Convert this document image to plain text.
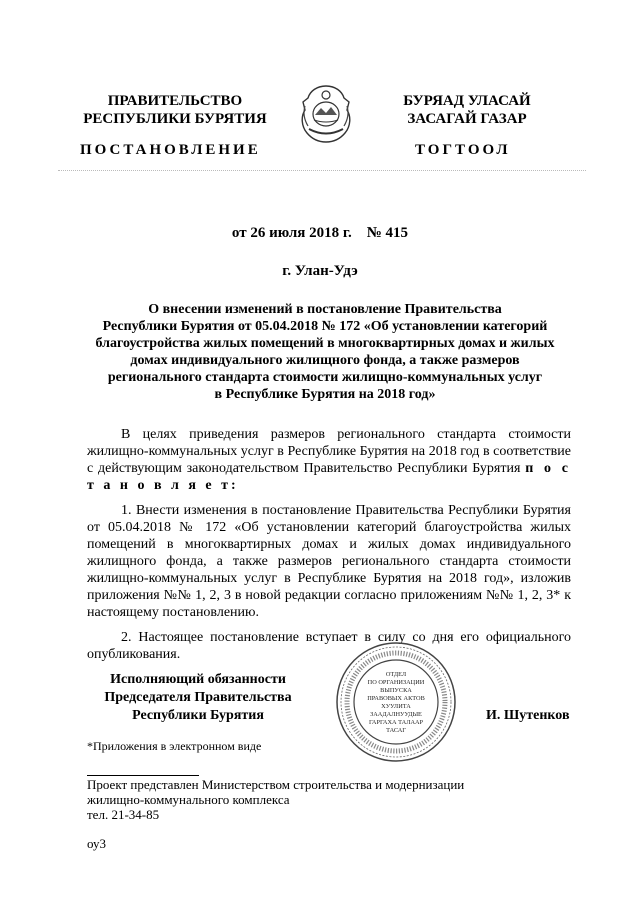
ПРАВИТЕЛЬСТВО
РЕСПУБЛИКИ БУРЯТИЯ
БУРЯАД УЛАСАЙ
ЗАСАГАЙ ГАЗАР
ПОСТАНОВЛЕНИЕ	ТОГТООЛ
от 26 июля 2018 г.    № 415
г. Улан-Удэ
О внесении изменений в постановление Правительства
Республики Бурятия от 05.04.2018 № 172 «Об установлении категорий
благоустройства жилых помещений в многоквартирных домах и жилых
домах индивидуального жилищного фонда, а также размеров
регионального стандарта стоимости жилищно-коммунальных услуг
в Республике Бурятия на 2018 год»

В целях приведения размеров регионального стандарта стоимости жилищно-коммунальных услуг в Республике Бурятия на 2018 год в соответствие с действующим законодательством Правительство Республики Бурятия п о с т а н о в л я е т:

1. Внести изменения в постановление Правительства Республики Бурятия от 05.04.2018 № 172 «Об установлении категорий благоустройства жилых помещений в многоквартирных домах и жилых домах индивидуального жилищного фонда, а также размеров регионального стандарта стоимости жилищно-коммунальных услуг в Республике Бурятия на 2018 год», изложив приложения №№ 1, 2, 3 в новой редакции согласно приложениям №№ 1, 2, 3* к настоящему постановлению.

2. Настоящее постановление вступает в силу со дня его официального опубликования.

Исполняющий обязанности
Председателя Правительства
Республики Бурятия
ОТДЕЛ
ПО ОРГАНИЗАЦИИ
ВЫПУСКА
ПРАВОВЫХ АКТОВ
ХУУЛИТА
ЗААДАЛНУУДЫЕ
ГАРГАХА ТАЛААР
ТАСАГ
И. Шутенков
*Приложения в электронном виде
Проект представлен Министерством строительства и модернизации
жилищно-коммунального комплекса
тел. 21-34-85
оу3
